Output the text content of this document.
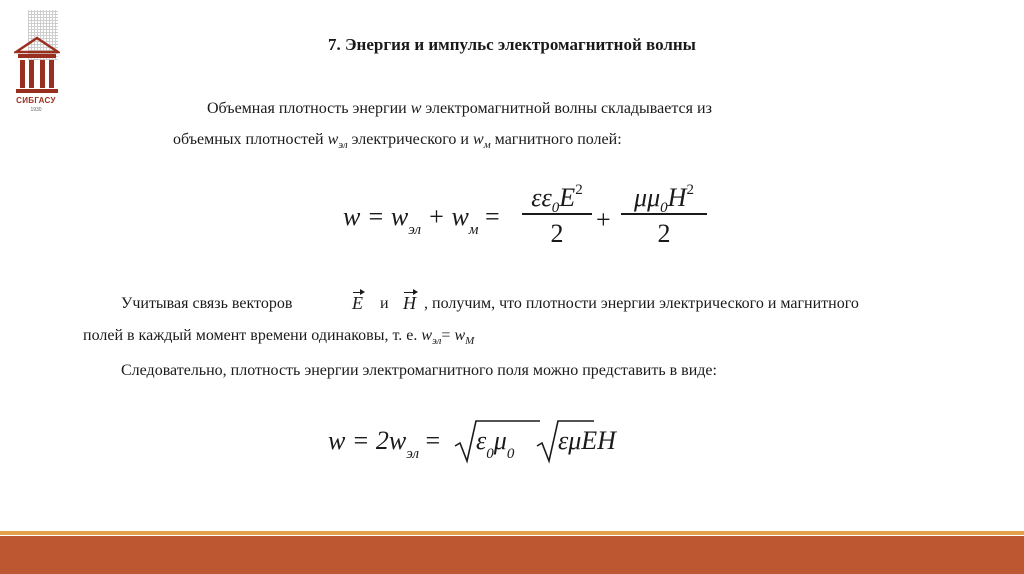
СИБГАСУ
1930
7. Энергия и импульс электромагнитной волны
Объемная плотность энергии w электромагнитной волны складывается из
объемных плотностей $w_{эл}$ электрического и $w_м$ магнитного полей:
$w = w_{эл} + w_м$ =
$\varepsilon\varepsilon_0E^2$
2	+
$\mu\mu_0H^2$
2
Учитывая связь векторов	E и H , получим, что плотности энергии электрического и магнитного
полей в каждый момент времени одинаковы, т. е. $w_{эл}= w_M$
Следовательно, плотность энергии электромагнитного поля можно представить в виде:
$w = 2w_{эл} = \varepsilon_0\mu_0$ εμEH
